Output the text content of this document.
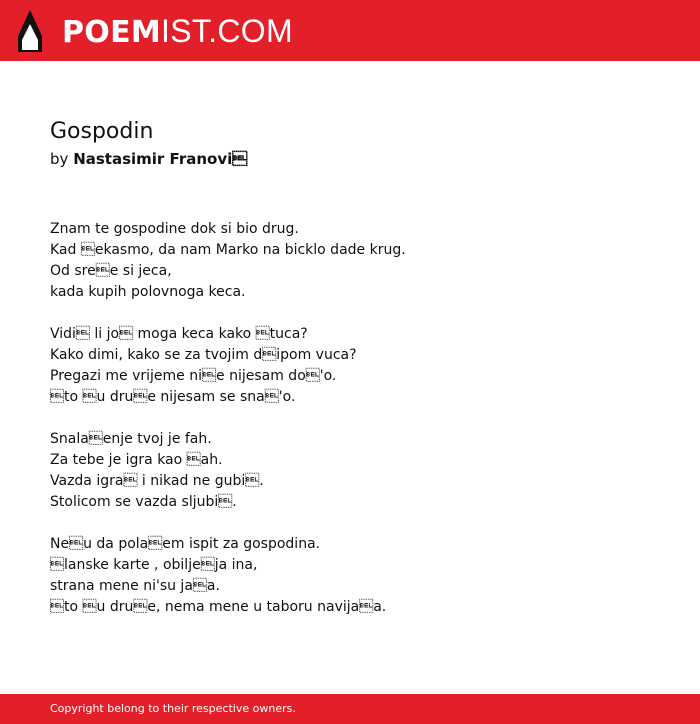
POEMIST.COM
Gospodin
by Nastasimir Franovi
Znam te gospodine dok si bio drug.
Kad ekasmo, da nam Marko na bicklo dade krug.
Od sree si jeca,
kada kupih polovnoga keca.
Vidi li jo moga keca kako tuca?
Kako dimi, kako se za tvojim dipom vuca?
Pregazi me vrijeme nie nijesam do'o.
to u drue nijesam se sna'o.
Snalaenje tvoj je fah.
Za tebe je igra kao ah.
Vazda igra i nikad ne gubi.
Stolicom se vazda sljubi.
Neu da polaem ispit za gospodina.
lanske karte , obiljeja ina,
strana mene ni'su jaa.
to u drue, nema mene u taboru navijaa.
Copyright belong to their respective owners.
